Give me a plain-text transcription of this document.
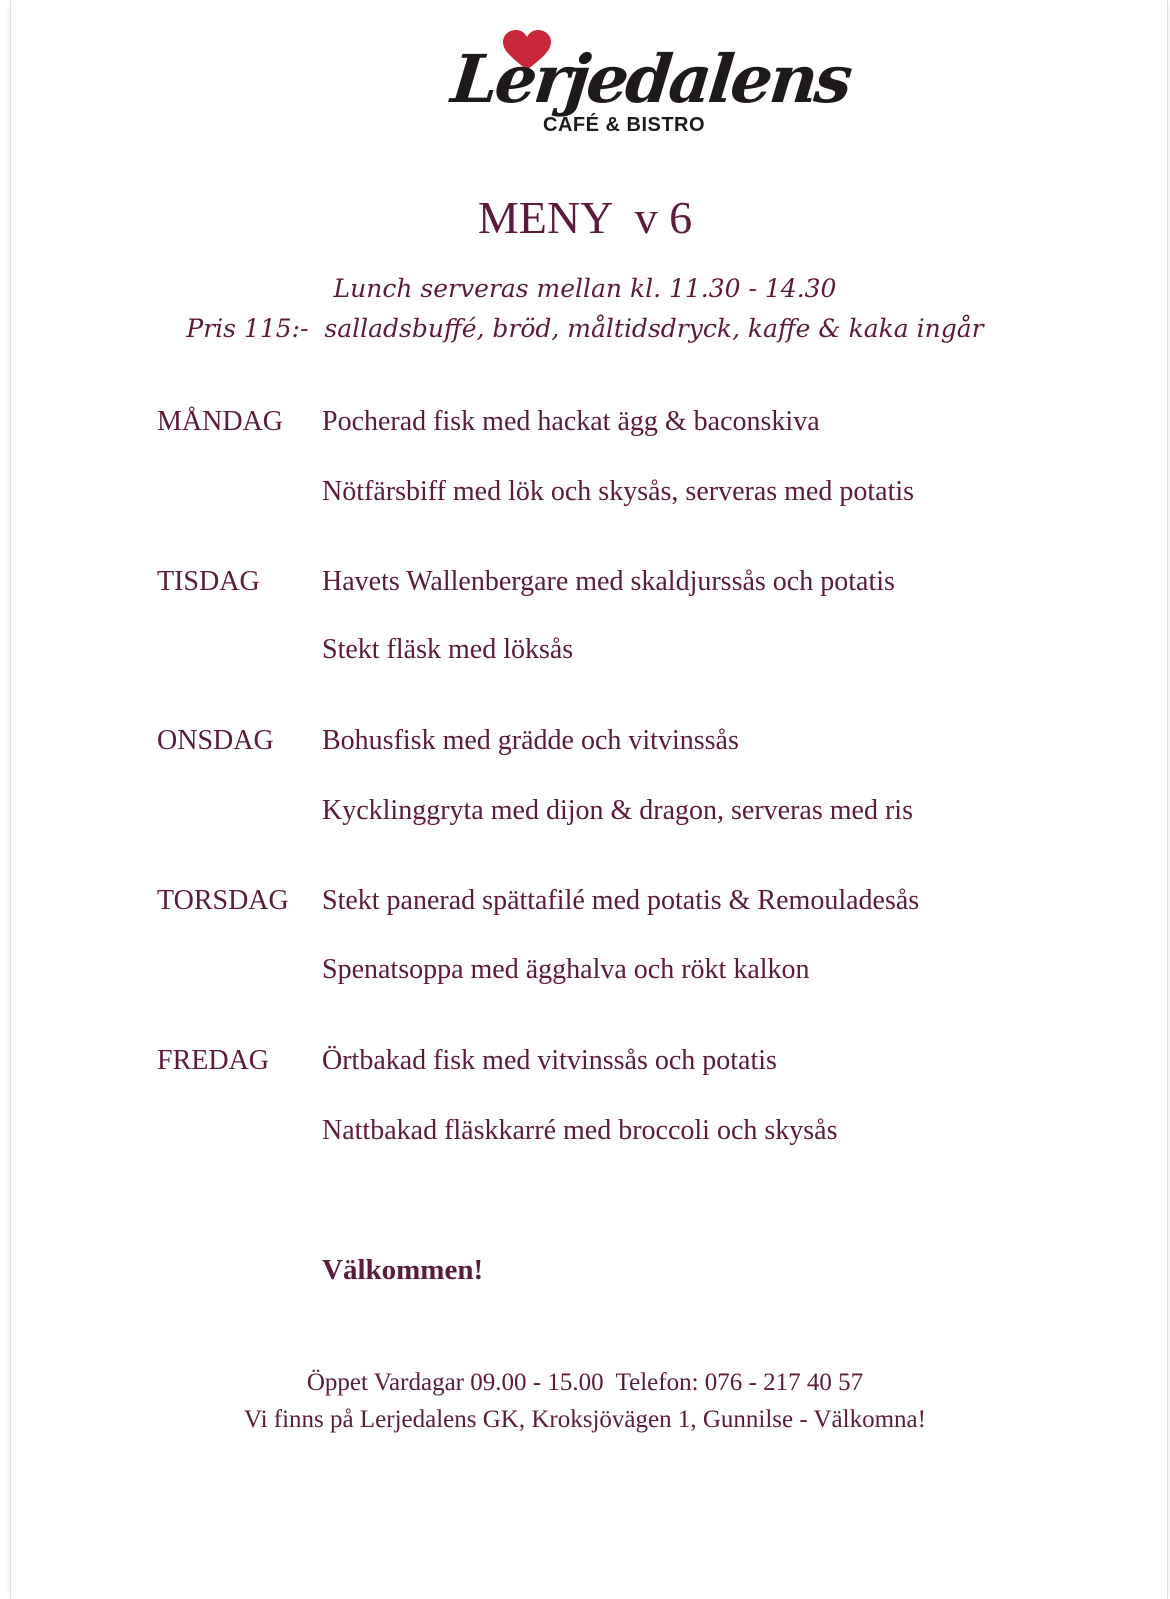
Lerjedalens
CAFÉ & BISTRO
MENY  v 6
Lunch serveras mellan kl. 11.30 - 14.30
Pris 115:-  salladsbuffé, bröd, måltidsdryck, kaffe & kaka ingår
MÅNDAG Pocherad fisk med hackat ägg & baconskiva
Nötfärsbiff med lök och skysås, serveras med potatis
TISDAG Havets Wallenbergare med skaldjurssås och potatis
Stekt fläsk med löksås
ONSDAG Bohusfisk med grädde och vitvinssås
Kycklinggryta med dijon & dragon, serveras med ris
TORSDAG Stekt panerad spättafilé med potatis & Remouladesås
Spenatsoppa med ägghalva och rökt kalkon
FREDAG Örtbakad fisk med vitvinssås och potatis
Nattbakad fläskkarré med broccoli och skysås
Välkommen!
Öppet Vardagar 09.00 - 15.00  Telefon: 076 - 217 40 57
Vi finns på Lerjedalens GK, Kroksjövägen 1, Gunnilse - Välkomna!
